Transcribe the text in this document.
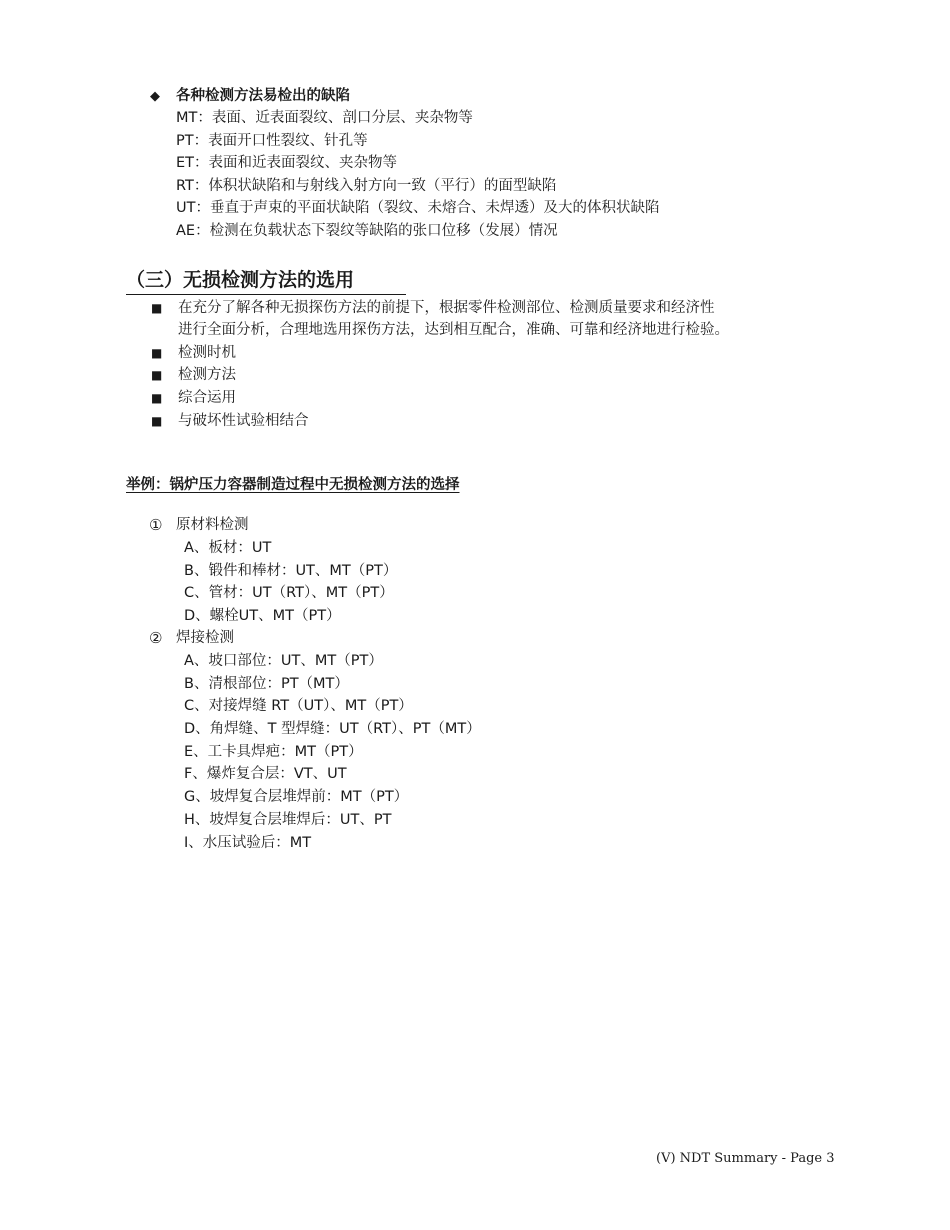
◆ 各种检测方法易检出的缺陷
MT：表面、近表面裂纹、剖口分层、夹杂物等
PT：表面开口性裂纹、针孔等
ET：表面和近表面裂纹、夹杂物等
RT：体积状缺陷和与射线入射方向一致（平行）的面型缺陷
UT：垂直于声束的平面状缺陷（裂纹、未熔合、未焊透）及大的体积状缺陷
AE：检测在负载状态下裂纹等缺陷的张口位移（发展）情况
（三）无损检测方法的选用
■ 在充分了解各种无损探伤方法的前提下，根据零件检测部位、检测质量要求和经济性
进行全面分析，合理地选用探伤方法，达到相互配合，准确、可靠和经济地进行检验。
■ 检测时机
■ 检测方法
■ 综合运用
■ 与破坏性试验相结合
举例：锅炉压力容器制造过程中无损检测方法的选择
① 原材料检测
A、板材：UT
B、锻件和棒材：UT、MT（PT）
C、管材：UT（RT）、MT（PT）
D、螺栓UT、MT（PT）
② 焊接检测
A、坡口部位：UT、MT（PT）
B、清根部位：PT（MT）
C、对接焊缝 RT（UT）、MT（PT）
D、角焊缝、T 型焊缝：UT（RT）、PT（MT）
E、工卡具焊疤：MT（PT）
F、爆炸复合层：VT、UT
G、坡焊复合层堆焊前：MT（PT）
H、坡焊复合层堆焊后：UT、PT
I、水压试验后：MT
(V) NDT Summary - Page 3
